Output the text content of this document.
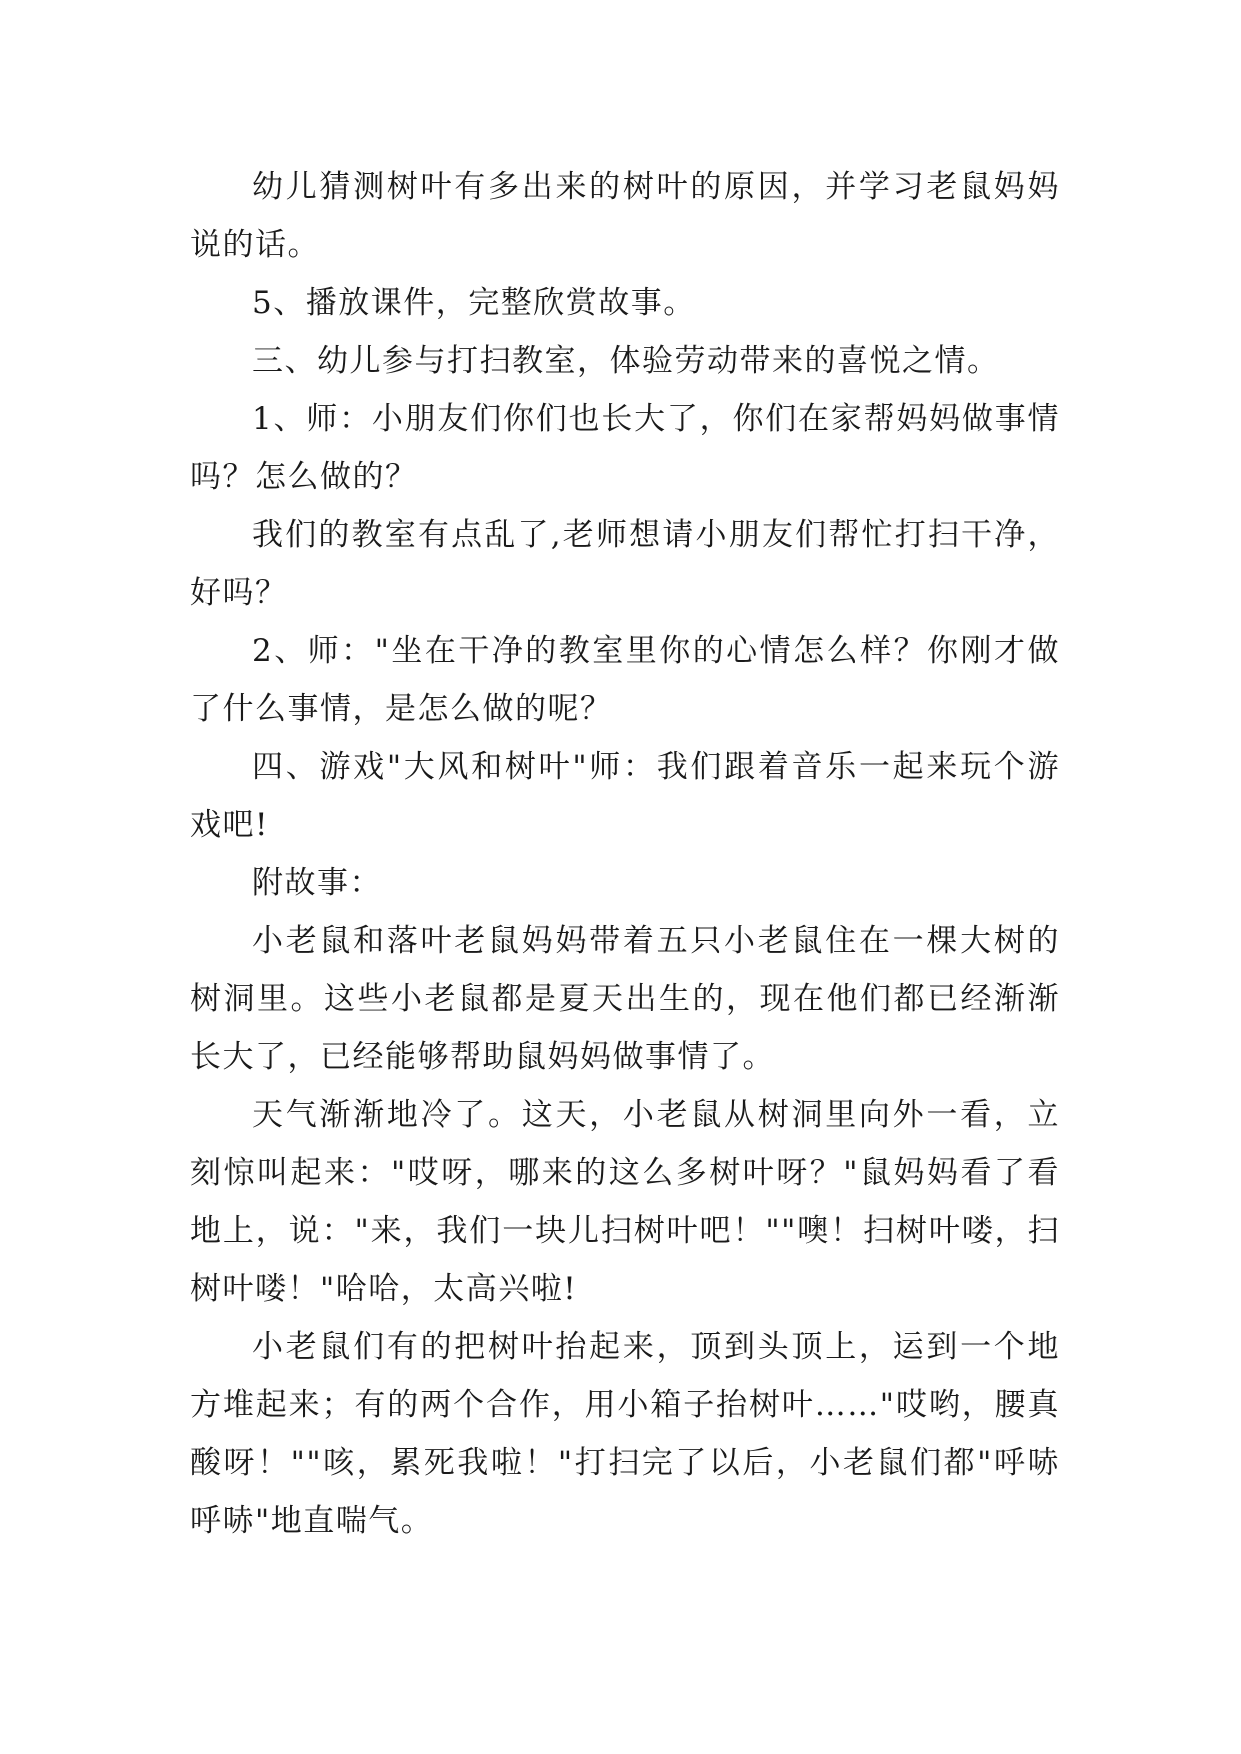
幼儿猜测树叶有多出来的树叶的原因，并学习老鼠妈妈说的话。

5、播放课件，完整欣赏故事。

三、幼儿参与打扫教室，体验劳动带来的喜悦之情。

1、师：小朋友们你们也长大了，你们在家帮妈妈做事情吗？怎么做的？

我们的教室有点乱了,老师想请小朋友们帮忙打扫干净，好吗？

2、师："坐在干净的教室里你的心情怎么样？你刚才做了什么事情，是怎么做的呢？

四、游戏"大风和树叶"师：我们跟着音乐一起来玩个游戏吧!

附故事：

小老鼠和落叶老鼠妈妈带着五只小老鼠住在一棵大树的树洞里。这些小老鼠都是夏天出生的，现在他们都已经渐渐长大了，已经能够帮助鼠妈妈做事情了。

天气渐渐地冷了。这天，小老鼠从树洞里向外一看，立刻惊叫起来："哎呀，哪来的这么多树叶呀？"鼠妈妈看了看地上，说："来，我们一块儿扫树叶吧！""噢！扫树叶喽，扫树叶喽！"哈哈，太高兴啦!

小老鼠们有的把树叶抬起来，顶到头顶上，运到一个地方堆起来；有的两个合作，用小箱子抬树叶……"哎哟，腰真酸呀！""咳，累死我啦！"打扫完了以后，小老鼠们都"呼哧呼哧"地直喘气。
